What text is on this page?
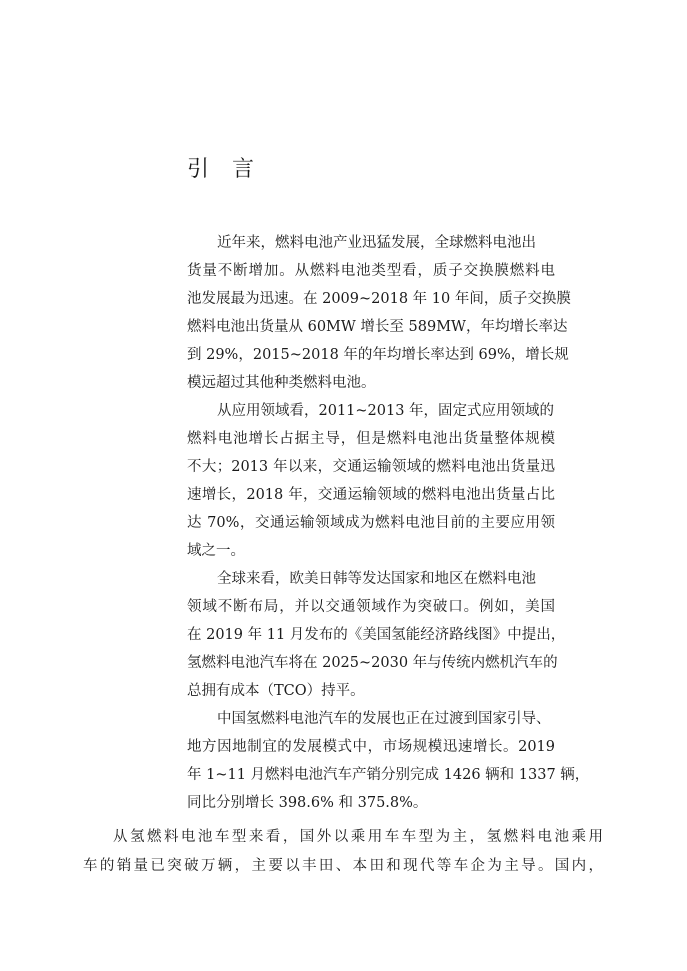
引 言
近年来，燃料电池产业迅猛发展，全球燃料电池出
货量不断增加。从燃料电池类型看，质子交换膜燃料电
池发展最为迅速。在 2009~2018 年 10 年间，质子交换膜
燃料电池出货量从 60MW 增长至 589MW，年均增长率达
到 29%，2015~2018 年的年均增长率达到 69%，增长规
模远超过其他种类燃料电池。
从应用领域看，2011~2013 年，固定式应用领域的
燃料电池增长占据主导，但是燃料电池出货量整体规模
不大；2013 年以来，交通运输领域的燃料电池出货量迅
速增长，2018 年，交通运输领域的燃料电池出货量占比
达 70%，交通运输领域成为燃料电池目前的主要应用领
域之一。
全球来看，欧美日韩等发达国家和地区在燃料电池
领域不断布局，并以交通领域作为突破口。例如，美国
在 2019 年 11 月发布的《美国氢能经济路线图》中提出，
氢燃料电池汽车将在 2025~2030 年与传统内燃机汽车的
总拥有成本（TCO）持平。
中国氢燃料电池汽车的发展也正在过渡到国家引导、
地方因地制宜的发展模式中，市场规模迅速增长。2019
年 1~11 月燃料电池汽车产销分别完成 1426 辆和 1337 辆，
同比分别增长 398.6% 和 375.8%。
从氢燃料电池车型来看，国外以乘用车车型为主，氢燃料电池乘用
车的销量已突破万辆，主要以丰田、本田和现代等车企为主导。国内，
